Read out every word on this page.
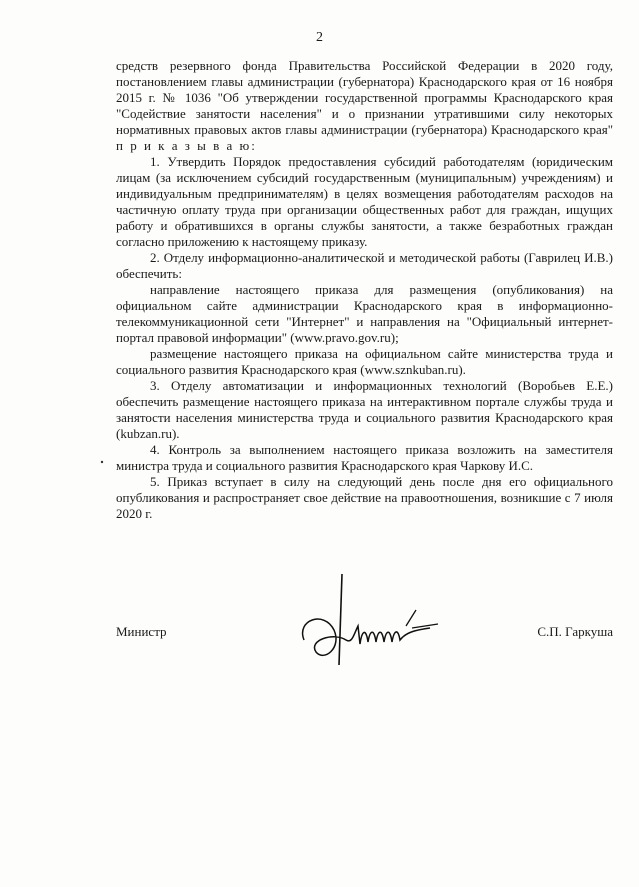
2

средств резервного фонда Правительства Российской Федерации в 2020 году, постановлением главы администрации (губернатора) Краснодарского края от 16 ноября 2015 г. № 1036 "Об утверждении государственной программы Краснодарского края "Содействие занятости населения" и о признании утратившими силу некоторых нормативных правовых актов главы администрации (губернатора) Краснодарского края" п р и к а з ы в а ю:

1. Утвердить Порядок предоставления субсидий работодателям (юридическим лицам (за исключением субсидий государственным (муниципальным) учреждениям) и индивидуальным предпринимателям) в целях возмещения работодателям расходов на частичную оплату труда при организации общественных работ для граждан, ищущих работу и обратившихся в органы службы занятости, а также безработных граждан согласно приложению к настоящему приказу.

2. Отделу информационно-аналитической и методической работы (Гаврилец И.В.) обеспечить:

направление настоящего приказа для размещения (опубликования) на официальном сайте администрации Краснодарского края в информационно-телекоммуникационной сети "Интернет" и направления на "Официальный интернет-портал правовой информации" (www.pravo.gov.ru);

размещение настоящего приказа на официальном сайте министерства труда и социального развития Краснодарского края (www.sznkuban.ru).

3. Отделу автоматизации и информационных технологий (Воробьев Е.Е.) обеспечить размещение настоящего приказа на интерактивном портале службы труда и занятости населения министерства труда и социального развития Краснодарского края (kubzan.ru).

4. Контроль за выполнением настоящего приказа возложить на заместителя министра труда и социального развития Краснодарского края Чаркову И.С.

5. Приказ вступает в силу на следующий день после дня его официального опубликования и распространяет свое действие на правоотношения, возникшие с 7 июля 2020 г.

Министр	С.П. Гаркуша
